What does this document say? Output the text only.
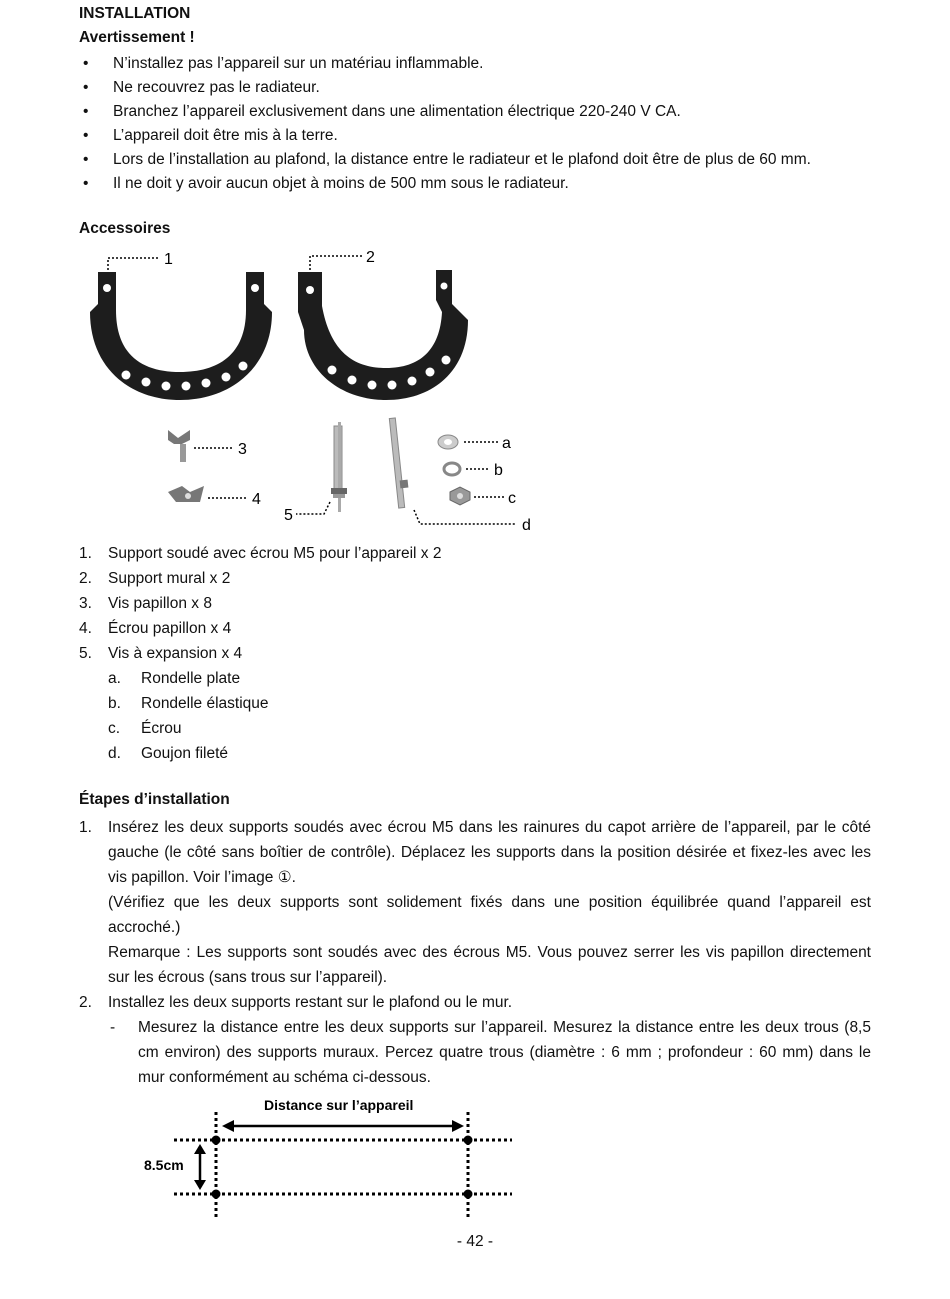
INSTALLATION
Avertissement !
• N’installez pas l’appareil sur un matériau inflammable.
• Ne recouvrez pas le radiateur.
• Branchez l’appareil exclusivement dans une alimentation électrique 220-240 V CA.
• L’appareil doit être mis à la terre.
• Lors de l’installation au plafond, la distance entre le radiateur et le plafond doit être de plus de 60 mm.
• Il ne doit y avoir aucun objet à moins de 500 mm sous le radiateur.
Accessoires
1	2
3
4
5
d
a
b
c
1. Support soudé avec écrou M5 pour l’appareil x 2
2. Support mural x 2
3. Vis papillon x 8
4. Écrou papillon x 4
5. Vis à expansion x 4
a. Rondelle plate
b. Rondelle élastique
c. Écrou
d. Goujon fileté
Étapes d’installation
1. Insérez les deux supports soudés avec écrou M5 dans les rainures du capot arrière de l’appareil, par le côté gauche (le côté sans boîtier de contrôle). Déplacez les supports dans la position désirée et fixez-les avec les vis papillon. Voir l’image ①.

(Vérifiez que les deux supports sont solidement fixés dans une position équilibrée quand l’appareil est accroché.)

Remarque : Les supports sont soudés avec des écrous M5. Vous pouvez serrer les vis papillon directement sur les écrous (sans trous sur l’appareil).

2. Installez les deux supports restant sur le plafond ou le mur.

- Mesurez la distance entre les deux supports sur l’appareil. Mesurez la distance entre les deux trous (8,5 cm environ) des supports muraux. Percez quatre trous (diamètre : 6 mm ; profondeur : 60 mm) dans le mur conformément au schéma ci-dessous.

Distance sur l’appareil
8.5cm
- 42 -
